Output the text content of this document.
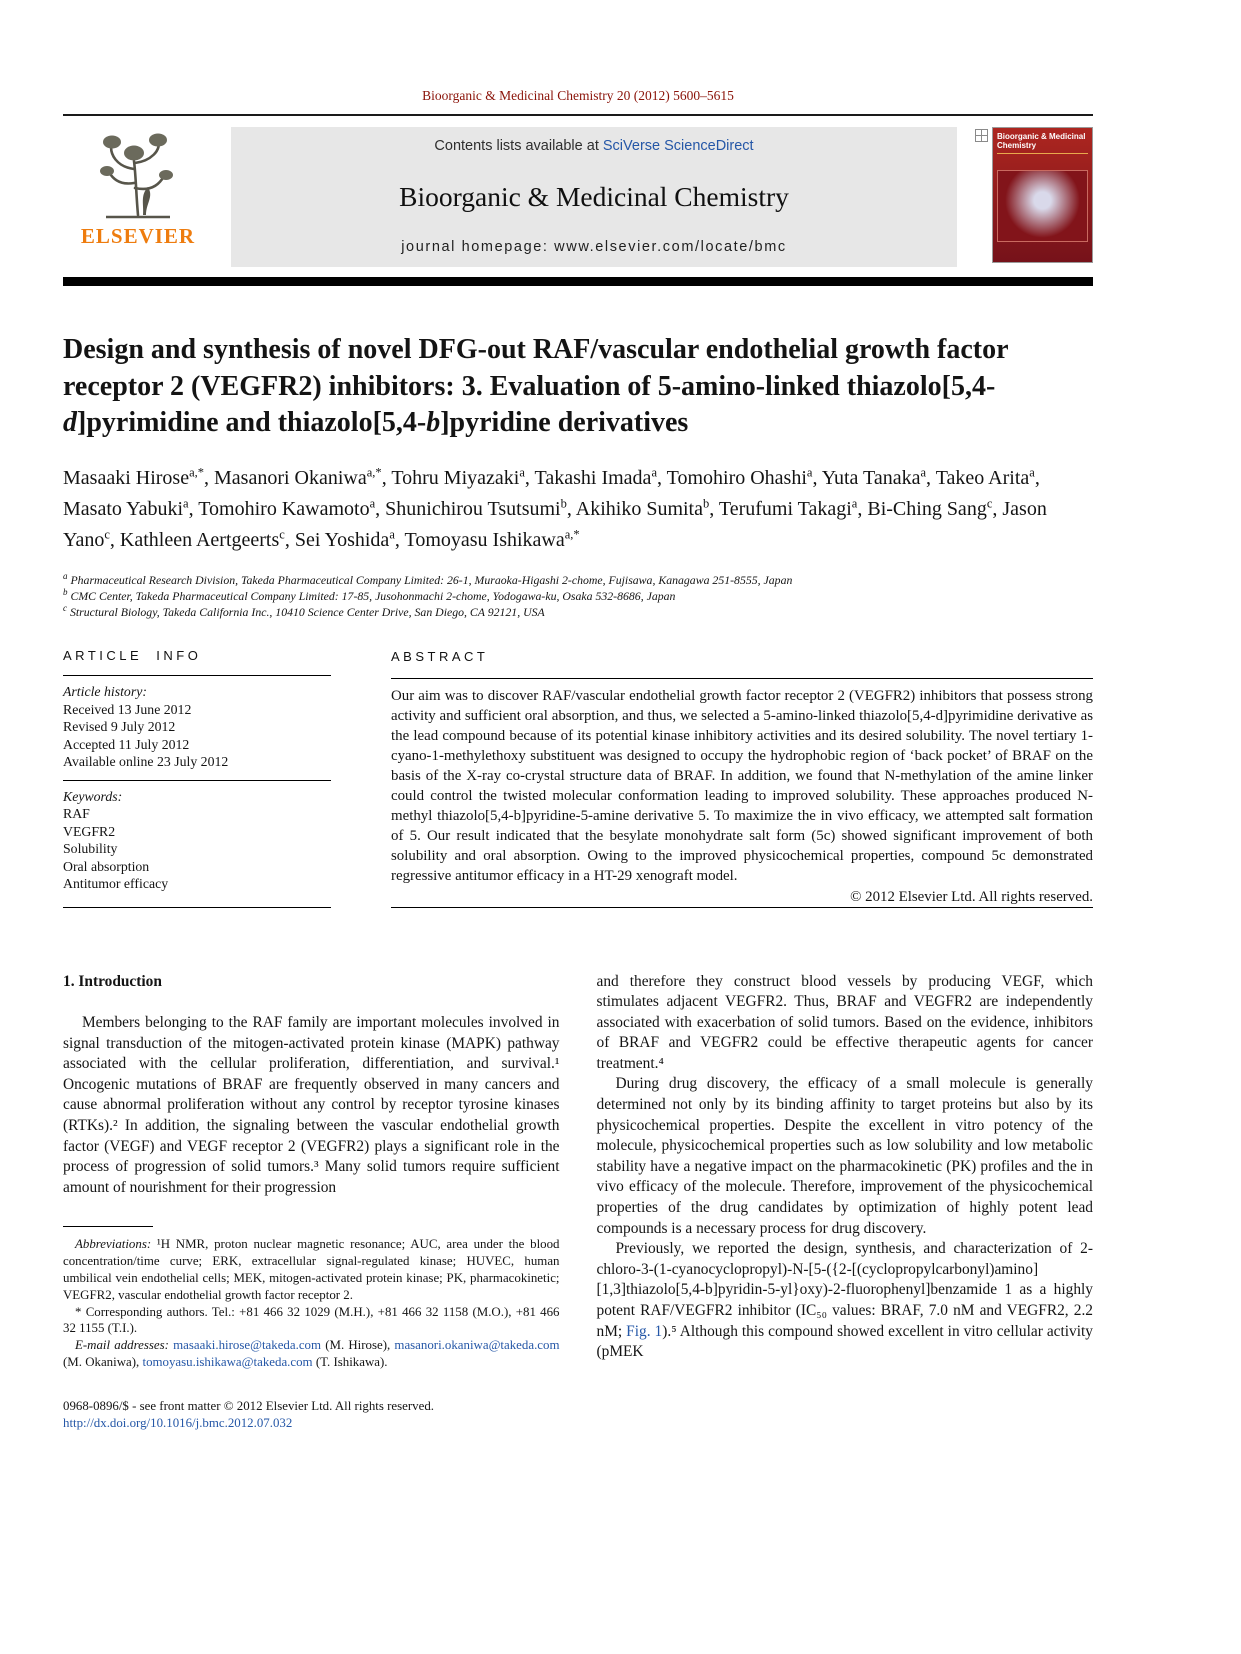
Bioorganic & Medicinal Chemistry 20 (2012) 5600–5615
ELSEVIER
Contents lists available at SciVerse ScienceDirect
Bioorganic & Medicinal Chemistry
journal homepage: www.elsevier.com/locate/bmc
Bioorganic & Medicinal Chemistry
Design and synthesis of novel DFG-out RAF/vascular endothelial growth factor receptor 2 (VEGFR2) inhibitors: 3. Evaluation of 5-amino-linked thiazolo[5,4-d]pyrimidine and thiazolo[5,4-b]pyridine derivatives
Masaaki Hirose$^{a,*}$, Masanori Okaniwa$^{a,*}$, Tohru Miyazaki$^a$, Takashi Imada$^a$, Tomohiro Ohashi$^a$, Yuta Tanaka$^a$, Takeo Arita$^a$, Masato Yabuki$^a$, Tomohiro Kawamoto$^a$, Shunichirou Tsutsumi$^b$, Akihiko Sumita$^b$, Terufumi Takagi$^a$, Bi-Ching Sang$^c$, Jason Yano$^c$, Kathleen Aertgeerts$^c$, Sei Yoshida$^a$, Tomoyasu Ishikawa$^{a,*}$
$^a$ Pharmaceutical Research Division, Takeda Pharmaceutical Company Limited: 26-1, Muraoka-Higashi 2-chome, Fujisawa, Kanagawa 251-8555, Japan
$^b$ CMC Center, Takeda Pharmaceutical Company Limited: 17-85, Jusohonmachi 2-chome, Yodogawa-ku, Osaka 532-8686, Japan
$^c$ Structural Biology, Takeda California Inc., 10410 Science Center Drive, San Diego, CA 92121, USA
ARTICLE INFO
Article history:
Received 13 June 2012
Revised 9 July 2012
Accepted 11 July 2012
Available online 23 July 2012
Keywords:
RAF
VEGFR2
Solubility
Oral absorption
Antitumor efficacy
ABSTRACT
Our aim was to discover RAF/vascular endothelial growth factor receptor 2 (VEGFR2) inhibitors that possess strong activity and sufficient oral absorption, and thus, we selected a 5-amino-linked thiazolo[5,4-d]pyrimidine derivative as the lead compound because of its potential kinase inhibitory activities and its desired solubility. The novel tertiary 1-cyano-1-methylethoxy substituent was designed to occupy the hydrophobic region of ‘back pocket’ of BRAF on the basis of the X-ray co-crystal structure data of BRAF. In addition, we found that N-methylation of the amine linker could control the twisted molecular conformation leading to improved solubility. These approaches produced N-methyl thiazolo[5,4-b]pyridine-5-amine derivative 5. To maximize the in vivo efficacy, we attempted salt formation of 5. Our result indicated that the besylate monohydrate salt form (5c) showed significant improvement of both solubility and oral absorption. Owing to the improved physicochemical properties, compound 5c demonstrated regressive antitumor efficacy in a HT-29 xenograft model.
© 2012 Elsevier Ltd. All rights reserved.
1. Introduction

Members belonging to the RAF family are important molecules involved in signal transduction of the mitogen-activated protein kinase (MAPK) pathway associated with the cellular proliferation, differentiation, and survival.¹ Oncogenic mutations of BRAF are frequently observed in many cancers and cause abnormal proliferation without any control by receptor tyrosine kinases (RTKs).² In addition, the signaling between the vascular endothelial growth factor (VEGF) and VEGF receptor 2 (VEGFR2) plays a significant role in the process of progression of solid tumors.³ Many solid tumors require sufficient amount of nourishment for their progression

Abbreviations: ¹H NMR, proton nuclear magnetic resonance; AUC, area under the blood concentration/time curve; ERK, extracellular signal-regulated kinase; HUVEC, human umbilical vein endothelial cells; MEK, mitogen-activated protein kinase; PK, pharmacokinetic; VEGFR2, vascular endothelial growth factor receptor 2.

* Corresponding authors. Tel.: +81 466 32 1029 (M.H.), +81 466 32 1158 (M.O.), +81 466 32 1155 (T.I.).

E-mail addresses: masaaki.hirose@takeda.com (M. Hirose), masanori.okaniwa@takeda.com (M. Okaniwa), tomoyasu.ishikawa@takeda.com (T. Ishikawa).

and therefore they construct blood vessels by producing VEGF, which stimulates adjacent VEGFR2. Thus, BRAF and VEGFR2 are independently associated with exacerbation of solid tumors. Based on the evidence, inhibitors of BRAF and VEGFR2 could be effective therapeutic agents for cancer treatment.⁴

During drug discovery, the efficacy of a small molecule is generally determined not only by its binding affinity to target proteins but also by its physicochemical properties. Despite the excellent in vitro potency of the molecule, physicochemical properties such as low solubility and low metabolic stability have a negative impact on the pharmacokinetic (PK) profiles and the in vivo efficacy of the molecule. Therefore, improvement of the physicochemical properties of the drug candidates by optimization of highly potent lead compounds is a necessary process for drug discovery.

Previously, we reported the design, synthesis, and characterization of 2-chloro-3-(1-cyanocyclopropyl)-N-[5-({2-[(cyclopropylcarbonyl)amino][1,3]thiazolo[5,4-b]pyridin-5-yl}oxy)-2-fluorophenyl]benzamide 1 as a highly potent RAF/VEGFR2 inhibitor (IC₅₀ values: BRAF, 7.0 nM and VEGFR2, 2.2 nM; Fig. 1).⁵ Although this compound showed excellent in vitro cellular activity (pMEK

0968-0896/$ - see front matter © 2012 Elsevier Ltd. All rights reserved.
http://dx.doi.org/10.1016/j.bmc.2012.07.032
